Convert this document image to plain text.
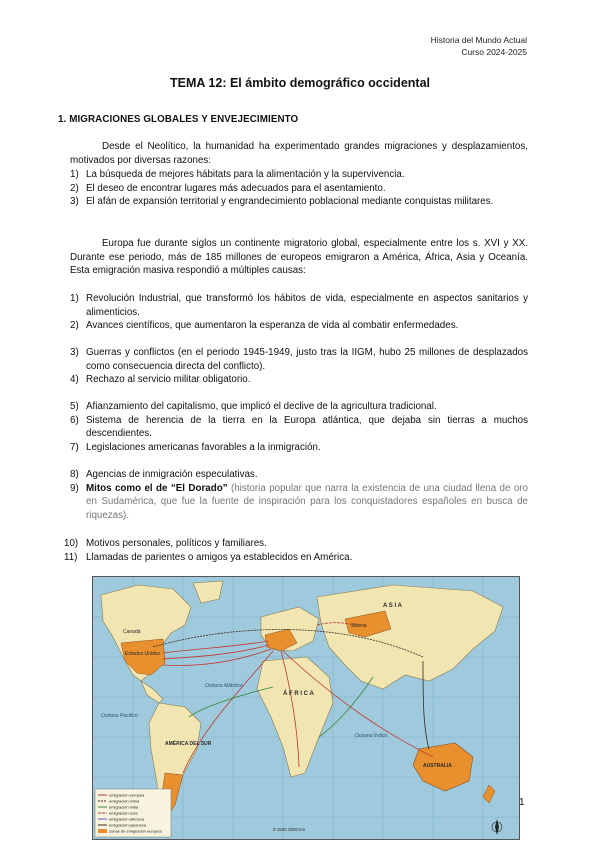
Historia del Mundo Actual
Curso 2024-2025
TEMA 12: El ámbito demográfico occidental
1. MIGRACIONES GLOBALES Y ENVEJECIMIENTO
Desde el Neolítico, la humanidad ha experimentado grandes migraciones y desplazamientos, motivados por diversas razones:
1) La búsqueda de mejores hábitats para la alimentación y la supervivencia.
2) El deseo de encontrar lugares más adecuados para el asentamiento.
3) El afán de expansión territorial y engrandecimiento poblacional mediante conquistas militares.
Europa fue durante siglos un continente migratorio global, especialmente entre los s. XVI y XX. Durante ese periodo, más de 185 millones de europeos emigraron a América, África, Asia y Oceanía. Esta emigración masiva respondió a múltiples causas:
1) Revolución Industrial, que transformó los hábitos de vida, especialmente en aspectos sanitarios y alimenticios.
2) Avances científicos, que aumentaron la esperanza de vida al combatir enfermedades.
3) Guerras y conflictos (en el periodo 1945-1949, justo tras la IIGM, hubo 25 millones de desplazados como consecuencia directa del conflicto).
4) Rechazo al servicio militar obligatorio.
5) Afianzamiento del capitalismo, que implicó el declive de la agricultura tradicional.
6) Sistema de herencia de la tierra en la Europa atlántica, que dejaba sin tierras a muchos descendientes.
7) Legislaciones americanas favorables a la inmigración.
8) Agencias de inmigración especulativas.
9) Mitos como el de “El Dorado” (historia popular que narra la existencia de una ciudad llena de oro en Sudamérica, que fue la fuente de inspiración para los conquistadores españoles en busca de riquezas).
10) Motivos personales, políticos y familiares.
11) Llamadas de parientes o amigos ya establecidos en América.
A S I A
Á F R I C A
AMÉRICA DEL SUR
AUSTRALIA
Canadá
Estados Unidos
Siberia
Océano Pacífico
Océano Atlántico
Océano Índico
0 1500 3000 km
emigración europea
emigración china
emigración india
emigración rusa
emigración africana
emigración japonesa
zonas de emigración europea
1
